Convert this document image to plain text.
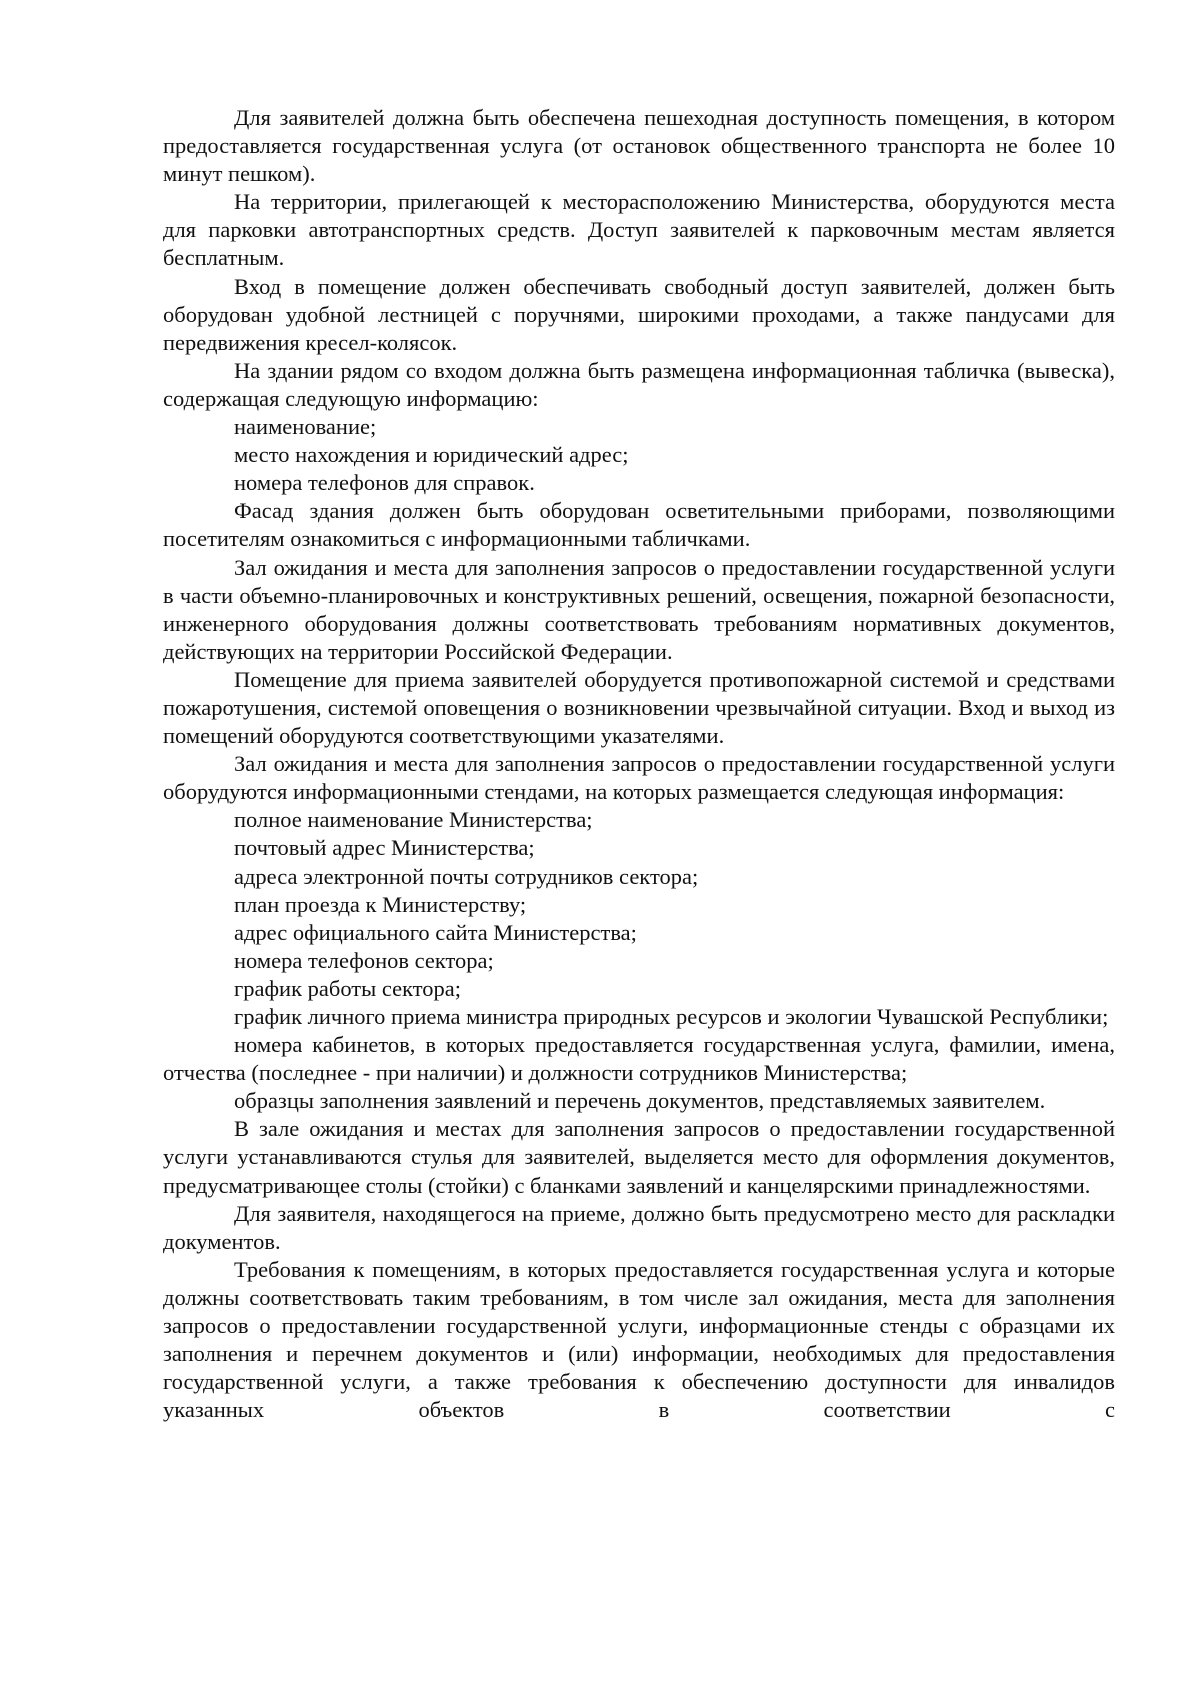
Для заявителей должна быть обеспечена пешеходная доступность помещения, в котором предоставляется государственная услуга (от остановок общественного транспорта не более 10 минут пешком).

На территории, прилегающей к месторасположению Министерства, оборудуются места для парковки автотранспортных средств. Доступ заявителей к парковочным местам является бесплатным.

Вход в помещение должен обеспечивать свободный доступ заявителей, должен быть оборудован удобной лестницей с поручнями, широкими проходами, а также пандусами для передвижения кресел-колясок.

На здании рядом со входом должна быть размещена информационная табличка (вывеска), содержащая следующую информацию:

наименование;

место нахождения и юридический адрес;

номера телефонов для справок.

Фасад здания должен быть оборудован осветительными приборами, позволяющими посетителям ознакомиться с информационными табличками.

Зал ожидания и места для заполнения запросов о предоставлении государственной услуги в части объемно-планировочных и конструктивных решений, освещения, пожарной безопасности, инженерного оборудования должны соответствовать требованиям нормативных документов, действующих на территории Российской Федерации.

Помещение для приема заявителей оборудуется противопожарной системой и средствами пожаротушения, системой оповещения о возникновении чрезвычайной ситуации. Вход и выход из помещений оборудуются соответствующими указателями.

Зал ожидания и места для заполнения запросов о предоставлении государственной услуги оборудуются информационными стендами, на которых размещается следующая информация:

полное наименование Министерства;

почтовый адрес Министерства;

адреса электронной почты сотрудников сектора;

план проезда к Министерству;

адрес официального сайта Министерства;

номера телефонов сектора;

график работы сектора;

график личного приема министра природных ресурсов и экологии Чувашской Республики;

номера кабинетов, в которых предоставляется государственная услуга, фамилии, имена, отчества (последнее - при наличии) и должности сотрудников Министерства;

образцы заполнения заявлений и перечень документов, представляемых заявителем.

В зале ожидания и местах для заполнения запросов о предоставлении государственной услуги устанавливаются стулья для заявителей, выделяется место для оформления документов, предусматривающее столы (стойки) с бланками заявлений и канцелярскими принадлежностями.

Для заявителя, находящегося на приеме, должно быть предусмотрено место для раскладки документов.

Требования к помещениям, в которых предоставляется государственная услуга и которые должны соответствовать таким требованиям, в том числе зал ожидания, места для заполнения запросов о предоставлении государственной услуги, информационные стенды с образцами их заполнения и перечнем документов и (или) информации, необходимых для предоставления государственной услуги, а также требования к обеспечению доступности для инвалидов указанных объектов в соответствии с
